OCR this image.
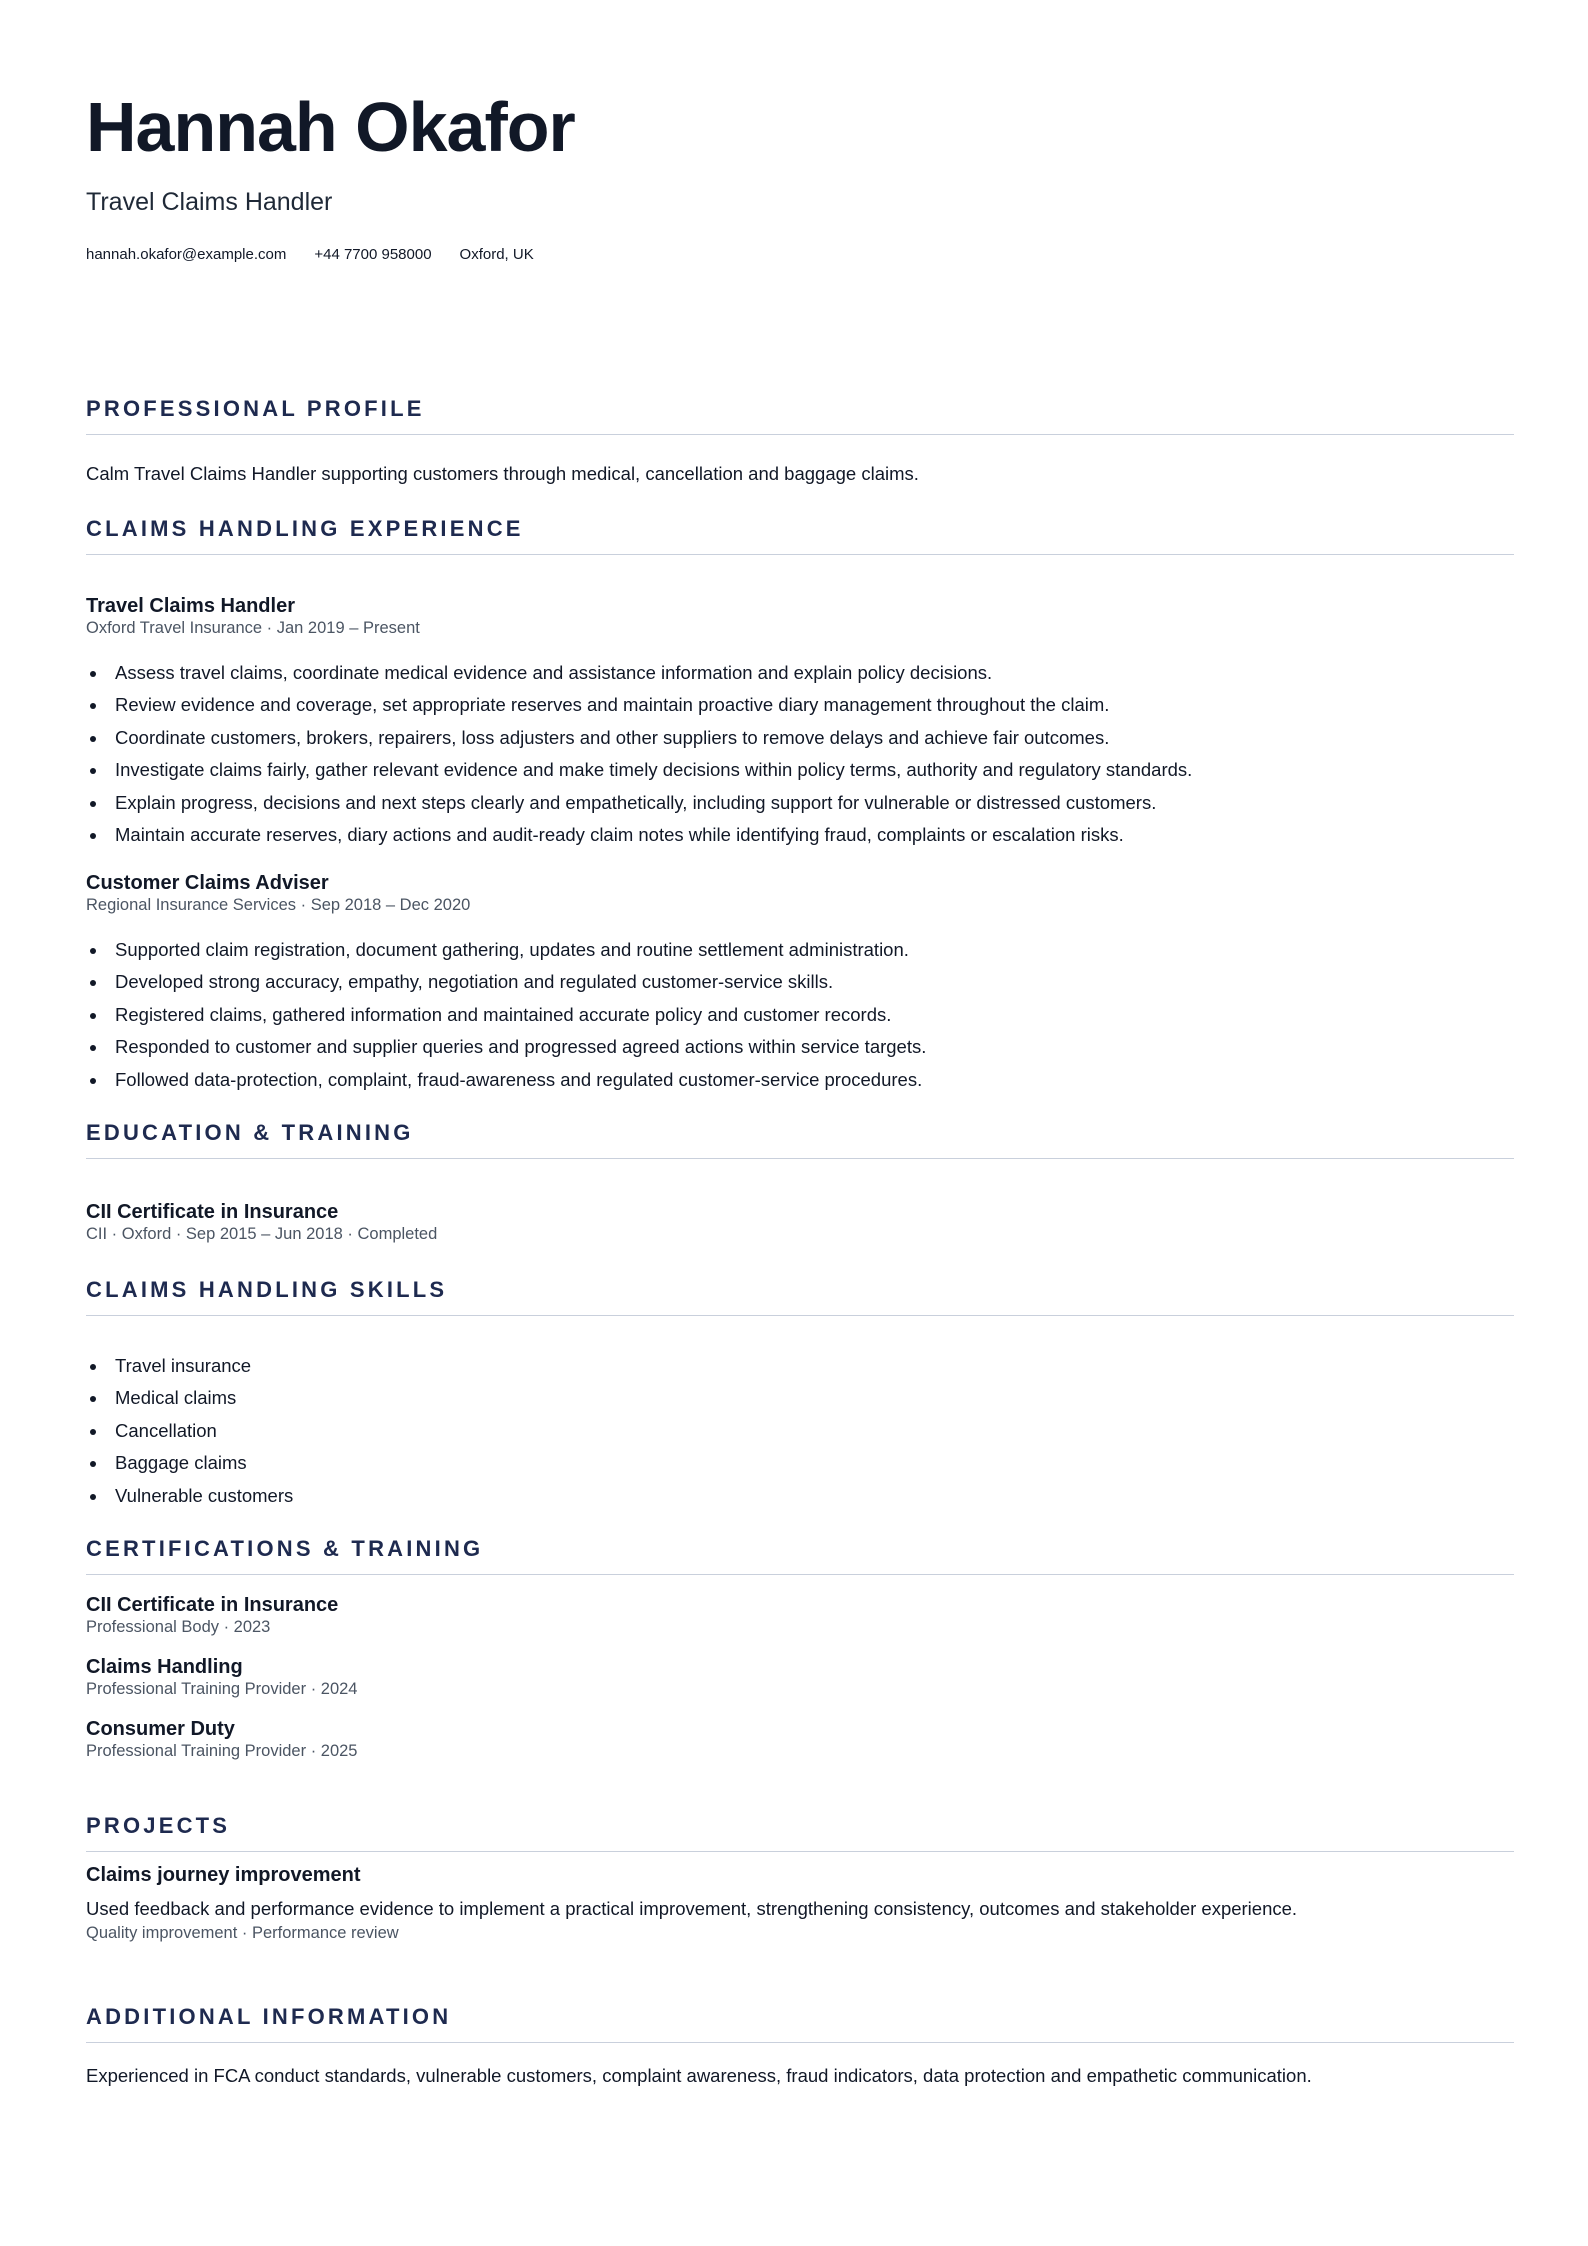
Hannah Okafor
Travel Claims Handler
hannah.okafor@example.com +44 7700 958000 Oxford, UK
PROFESSIONAL PROFILE
Calm Travel Claims Handler supporting customers through medical, cancellation and baggage claims.
CLAIMS HANDLING EXPERIENCE
Travel Claims Handler
Oxford Travel Insurance · Jan 2019 – Present
Assess travel claims, coordinate medical evidence and assistance information and explain policy decisions.
Review evidence and coverage, set appropriate reserves and maintain proactive diary management throughout the claim.
Coordinate customers, brokers, repairers, loss adjusters and other suppliers to remove delays and achieve fair outcomes.
Investigate claims fairly, gather relevant evidence and make timely decisions within policy terms, authority and regulatory standards.
Explain progress, decisions and next steps clearly and empathetically, including support for vulnerable or distressed customers.
Maintain accurate reserves, diary actions and audit-ready claim notes while identifying fraud, complaints or escalation risks.
Customer Claims Adviser
Regional Insurance Services · Sep 2018 – Dec 2020
Supported claim registration, document gathering, updates and routine settlement administration.
Developed strong accuracy, empathy, negotiation and regulated customer-service skills.
Registered claims, gathered information and maintained accurate policy and customer records.
Responded to customer and supplier queries and progressed agreed actions within service targets.
Followed data-protection, complaint, fraud-awareness and regulated customer-service procedures.
EDUCATION & TRAINING
CII Certificate in Insurance
CII · Oxford · Sep 2015 – Jun 2018 · Completed
CLAIMS HANDLING SKILLS
Travel insurance
Medical claims
Cancellation
Baggage claims
Vulnerable customers
CERTIFICATIONS & TRAINING
CII Certificate in Insurance
Professional Body · 2023
Claims Handling
Professional Training Provider · 2024
Consumer Duty
Professional Training Provider · 2025
PROJECTS
Claims journey improvement
Used feedback and performance evidence to implement a practical improvement, strengthening consistency, outcomes and stakeholder experience.
Quality improvement · Performance review
ADDITIONAL INFORMATION
Experienced in FCA conduct standards, vulnerable customers, complaint awareness, fraud indicators, data protection and empathetic communication.
